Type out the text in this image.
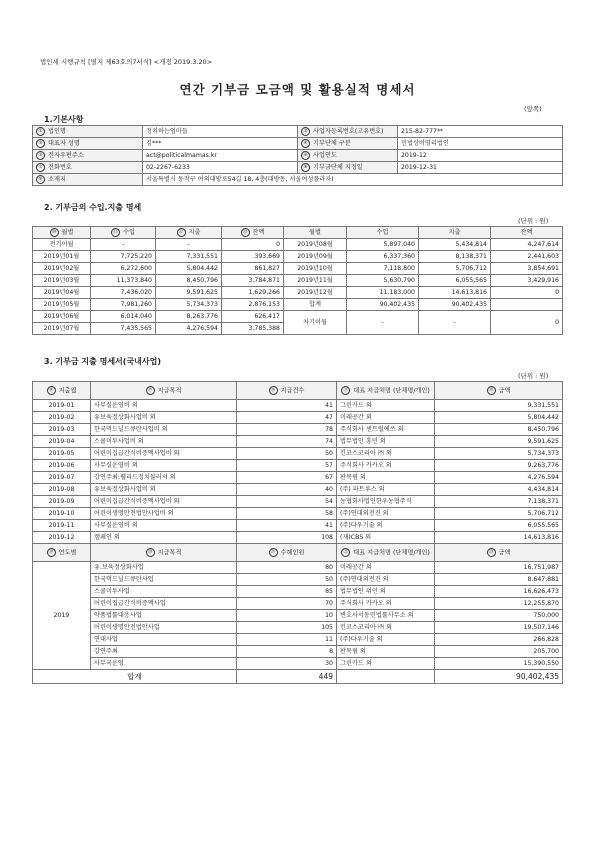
법인세 시행규칙 [별지 제63호의7서식] <개정 2019.3.20>
연간 기부금 모금액 및 활용실적 명세서
(앞쪽)
1.기본사항
① 법인명	정치하는엄마들	② 사업자등록번호(고유번호)	215-82-777**
③ 대표자 성명	김***	④ 기부단체 구분	민법상비영리법인
⑤ 전자우편주소	act@politicalmamas.kr	⑥ 사업연도	2019-12
⑦ 전화번호	02-2267-6233	⑧ 기부금단체 지정일	2019-12-31
⑨ 소재지	서울특별시 동작구 여의대방로54길 18, 4층(대방동, 서울여성플라자)		
2. 기부금의 수입.지출 명세
(단위 : 원)
⑩ 월별	⑪ 수입	⑫ 지출	⑬ 잔액	월별	수입	지출	잔액
전기이월	-	-	0	2019년08월	5,897,040	5,434,814	4,247,614
2019년01월	7,725,220	7,331,551	393,669	2019년09월	6,337,360	8,138,371	2,441,603
2019년02월	6,272,600	5,804,442	861,827	2019년10월	7,118,800	5,706,712	3,854,691
2019년03월	11,373,840	8,450,796	3,784,871	2019년11월	5,630,790	6,055,565	3,429,916
2019년04월	7,436,020	9,591,625	1,629,266	2019년12월	11,183,000	14,613,816	0
2019년05월	7,981,260	5,734,373	2,876,153	합계	90,402,435	90,402,435	
2019년06월	6,014,040	8,263,776	626,417	차기이월	-	-	0
2019년07월	7,435,565	4,276,594	3,785,388				
3. 기부금 지출 명세서(국내사업)
(단위 : 원)
⑭ 지출월	⑮ 지급목적	⑯ 지급건수	⑰ 대표 지급처명 (단체명/개인)	⑱ 금액
2019-01	사무실운영비 외	41	그린카드 외	9,331,551
2019-02	유보육정상화사업비 외	47	미래공간 외	5,804,442
2019-03	한국먹드닐드큐탄사업비 외	78	주식회사 센트럴에쓰 외	8,450,796
2019-04	스쿨미투사업비 외	74	법무법인 흥민 외	9,591,625
2019-05	어린이집급간식비증액사업비 외	50	킨코스코리아 ㈜ 외	5,734,373
2019-06	사무실운영비 외	57	주식회사 카카오 외	9,263,776
2019-07	강연주최:웰리드정치불러서 외	67	판목림 외	4,276,594
2019-08	유보육정상화사업비 외	40	(주) 파트루스 외	4,434,814
2019-09	어린이집급간식비증액사업비 외	54	농협회사법인한우농협주식	7,138,371
2019-10	어린이생명안전법안사업비 외	58	(주)연대외전진 외	5,706,712
2019-11	사무실운영비 외	41	(주)다우기술 외	6,055,565
2019-12	캠페인 외	108	(재)CBS 외	14,613,816
⑲ 연도별	⑳ 지급목적	㉑ 수혜인원	㉒ 대표 지급처명 (단체명/개인)	㉓ 금액
2019	유.보육정상화사업	80	미래공간 외	16,751,987
	한국먹드닐드큐탄사업	50	(주)연대외전진 외	8,647,881
	스쿨미투사업	85	법무법인 위민 외	16,626,473
	어린이집급간식비증액사업	70	주식회사 카카오 외	12,255,870
	약품법률대응사업	10	변호사서동민법률사무소 외	750,000
	어린이생명안전법안사업	105	킨코스코리아 ㈜ 외	19,507,146
	연대사업	11	(주)다우기술 외	266,828
	강연주최	8	판목림 외	205,700
	사무국운영	30	그린카드 외	15,390,550
합계		449		90,402,435
